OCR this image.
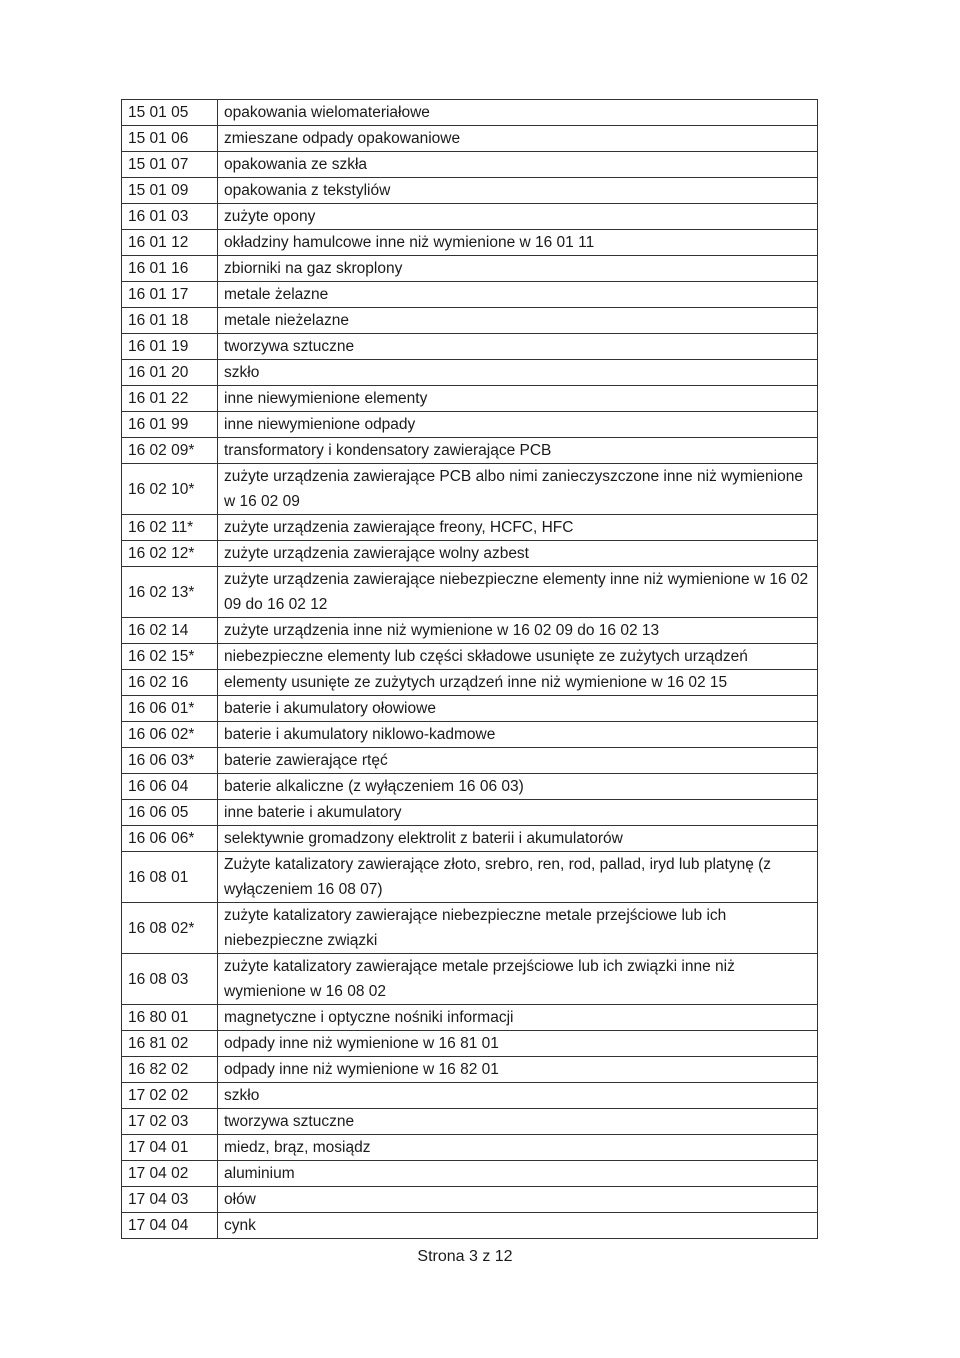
15 01 05	opakowania wielomateriałowe
15 01 06	zmieszane odpady opakowaniowe
15 01 07	opakowania ze szkła
15 01 09	opakowania z tekstyliów
16 01 03	zużyte opony
16 01 12	okładziny hamulcowe inne niż wymienione w 16 01 11
16 01 16	zbiorniki na gaz skroplony
16 01 17	metale żelazne
16 01 18	metale nieżelazne
16 01 19	tworzywa sztuczne
16 01 20	szkło
16 01 22	inne niewymienione elementy
16 01 99	inne niewymienione odpady
16 02 09*	transformatory i kondensatory zawierające PCB
16 02 10*	zużyte urządzenia zawierające PCB albo nimi zanieczyszczone inne niż wymienione w 16 02 09
16 02 11*	zużyte urządzenia zawierające freony, HCFC, HFC
16 02 12*	zużyte urządzenia zawierające wolny azbest
16 02 13*	zużyte urządzenia zawierające niebezpieczne elementy inne niż wymienione w 16 02 09 do 16 02 12
16 02 14	zużyte urządzenia inne niż wymienione w 16 02 09 do 16 02 13
16 02 15*	niebezpieczne elementy lub części składowe usunięte ze zużytych urządzeń
16 02 16	elementy usunięte ze zużytych urządzeń inne niż wymienione w 16 02 15
16 06 01*	baterie i akumulatory ołowiowe
16 06 02*	baterie i akumulatory niklowo-kadmowe
16 06 03*	baterie zawierające rtęć
16 06 04	baterie alkaliczne (z wyłączeniem 16 06 03)
16 06 05	inne baterie i akumulatory
16 06 06*	selektywnie gromadzony elektrolit z baterii i akumulatorów
16 08 01	Zużyte katalizatory zawierające złoto, srebro, ren, rod, pallad, iryd lub platynę (z wyłączeniem 16 08 07)
16 08 02*	zużyte katalizatory zawierające niebezpieczne metale przejściowe lub ich niebezpieczne związki
16 08 03	zużyte katalizatory zawierające metale przejściowe lub ich związki inne niż wymienione w 16 08 02
16 80 01	magnetyczne i optyczne nośniki informacji
16 81 02	odpady inne niż wymienione w 16 81 01
16 82 02	odpady inne niż wymienione w 16 82 01
17 02 02	szkło
17 02 03	tworzywa sztuczne
17 04 01	miedz, brąz, mosiądz
17 04 02	aluminium
17 04 03	ołów
17 04 04	cynk
Strona 3 z 12
